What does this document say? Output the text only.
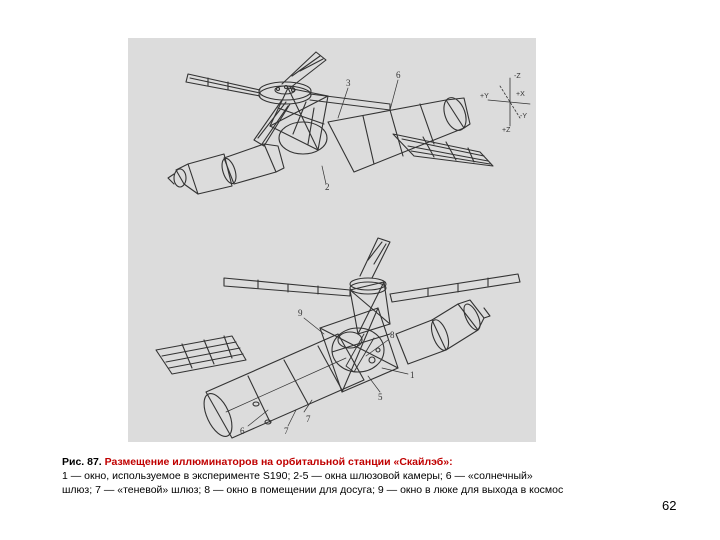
3
6
2
+Y
-Z
+X
+Z
-Y
9
8
1
5
7
6	7
Рис. 87. Размещение иллюминаторов на орбитальной станции «Скайлэб»:
1 — окно, используемое в эксперименте S190; 2-5 — окна шлюзовой камеры; 6 — «солнечный»
шлюз; 7 — «теневой» шлюз; 8 — окно в помещении для досуга; 9 — окно в люке для выхода в космос
62
